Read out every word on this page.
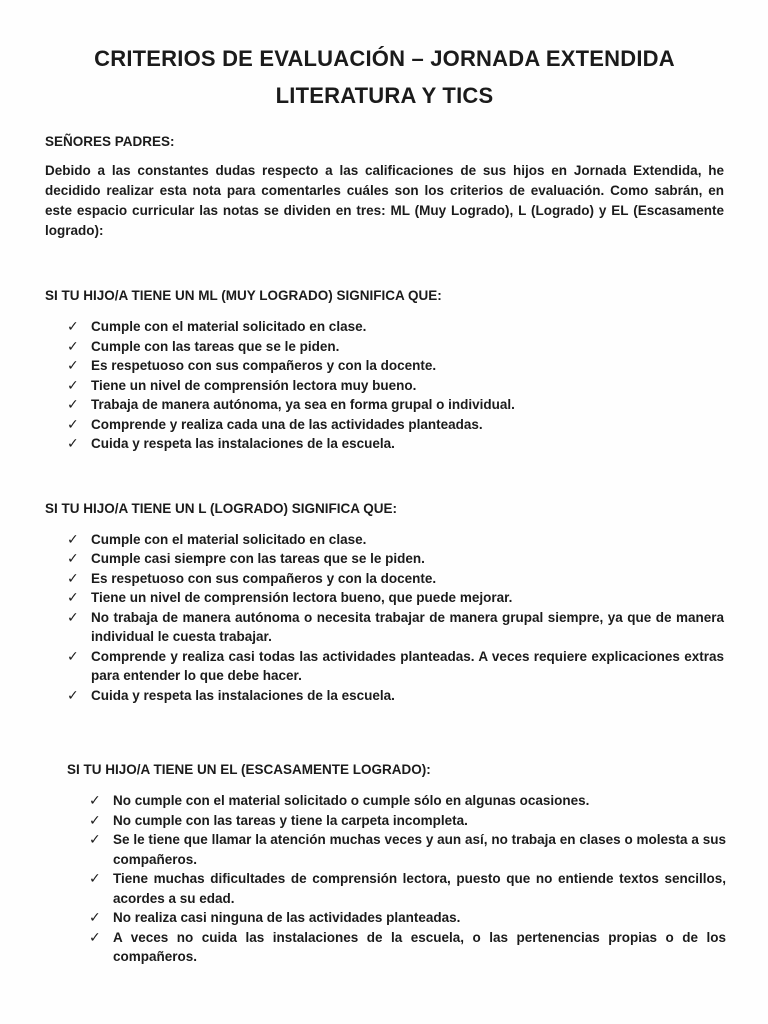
CRITERIOS DE EVALUACIÓN – JORNADA EXTENDIDA
LITERATURA Y TICS

SEÑORES PADRES:

Debido a las constantes dudas respecto a las calificaciones de sus hijos en Jornada Extendida, he decidido realizar esta nota para comentarles cuáles son los criterios de evaluación. Como sabrán, en este espacio curricular las notas se dividen en tres: ML (Muy Logrado), L (Logrado) y EL (Escasamente logrado):

SI TU HIJO/A TIENE UN ML (MUY LOGRADO) SIGNIFICA QUE:

✓ Cumple con el material solicitado en clase.
✓ Cumple con las tareas que se le piden.
✓ Es respetuoso con sus compañeros y con la docente.
✓ Tiene un nivel de comprensión lectora muy bueno.
✓ Trabaja de manera autónoma, ya sea en forma grupal o individual.
✓ Comprende y realiza cada una de las actividades planteadas.
✓ Cuida y respeta las instalaciones de la escuela.

SI TU HIJO/A TIENE UN L (LOGRADO) SIGNIFICA QUE:

✓ Cumple con el material solicitado en clase.
✓ Cumple casi siempre con las tareas que se le piden.
✓ Es respetuoso con sus compañeros y con la docente.
✓ Tiene un nivel de comprensión lectora bueno, que puede mejorar.
✓ No trabaja de manera autónoma o necesita trabajar de manera grupal siempre, ya que de manera individual le cuesta trabajar.
✓ Comprende y realiza casi todas las actividades planteadas. A veces requiere explicaciones extras para entender lo que debe hacer.
✓ Cuida y respeta las instalaciones de la escuela.

SI TU HIJO/A TIENE UN EL (ESCASAMENTE LOGRADO):

✓ No cumple con el material solicitado o cumple sólo en algunas ocasiones.
✓ No cumple con las tareas y tiene la carpeta incompleta.
✓ Se le tiene que llamar la atención muchas veces y aun así, no trabaja en clases o molesta a sus compañeros.
✓ Tiene muchas dificultades de comprensión lectora, puesto que no entiende textos sencillos, acordes a su edad.
✓ No realiza casi ninguna de las actividades planteadas.
✓ A veces no cuida las instalaciones de la escuela, o las pertenencias propias o de los compañeros.
